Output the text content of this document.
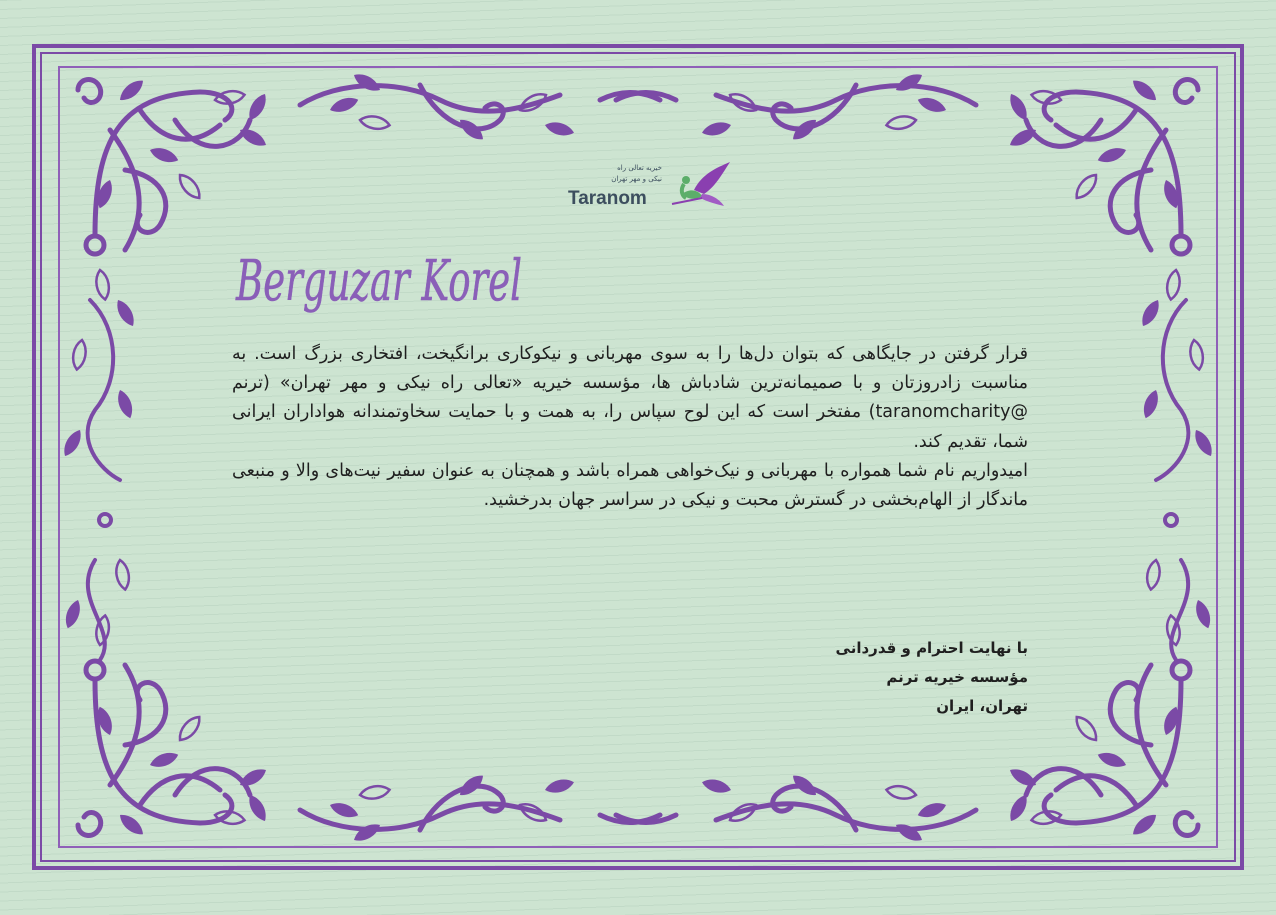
خیریه تعالی راه
نیکی و مهر تهران
Taranom
Berguzar Korel

قرار گرفتن در جایگاهی که بتوان دل‌ها را به سوی مهربانی و نیکوکاری برانگیخت، افتخاری بزرگ است. به مناسبت زادروزتان و با صمیمانه‌ترین شادباش ها، مؤسسه خیریه «تعالی راه نیکی و مهر تهران» (ترنم @taranomcharity) مفتخر است که این لوح سپاس را، به همت و با حمایت سخاوتمندانه هواداران ایرانی شما، تقدیم کند.

امیدواریم نام شما همواره با مهربانی و نیک‌خواهی همراه باشد و همچنان به عنوان سفیر نیت‌های والا و منبعی ماندگار از الهام‌بخشی در گسترش محبت و نیکی در سراسر جهان بدرخشید.

با نهایت احترام و قدردانی
مؤسسه خیریه ترنم
تهران، ایران
